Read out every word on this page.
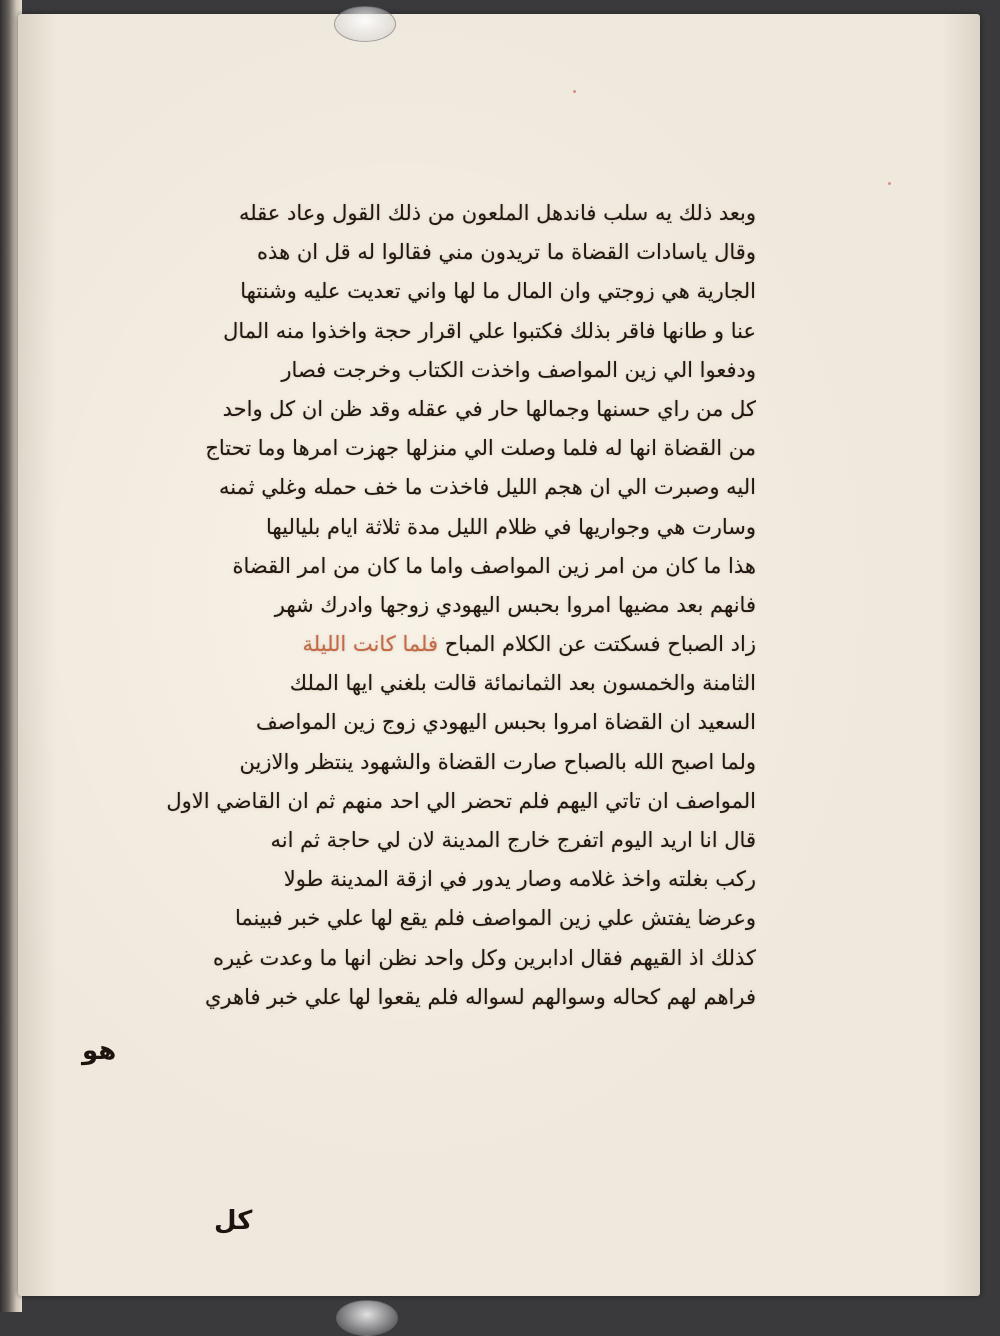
وبعد ذلك يه سلب فاندهل الملعون من ذلك القول وعاد عقله
وقال ياسادات القضاة ما تريدون مني فقالوا له قل ان هذه
الجارية هي زوجتي وان المال ما لها واني تعديت عليه وشنتها
عنا و طانها فاقر بذلك فكتبوا علي اقرار حجة واخذوا منه المال
ودفعوا الي زين المواصف واخذت الكتاب وخرجت فصار
كل من راي حسنها وجمالها حار في عقله وقد ظن ان كل واحد
من القضاة انها له فلما وصلت الي منزلها جهزت امرها وما تحتاج
اليه وصبرت الي ان هجم الليل فاخذت ما خف حمله وغلي ثمنه
وسارت هي وجواريها في ظلام الليل مدة ثلاثة ايام بلياليها
هذا ما كان من امر زين المواصف واما ما كان من امر القضاة
فانهم بعد مضيها امروا بحبس اليهودي زوجها وادرك شهر
زاد الصباح فسكتت عن الكلام المباح فلما كانت الليلة
الثامنة والخمسون بعد الثمانمائة قالت بلغني ايها الملك
السعيد ان القضاة امروا بحبس اليهودي زوج زين المواصف
ولما اصبح الله بالصباح صارت القضاة والشهود ينتظر والازين
المواصف ان تاتي اليهم فلم تحضر الي احد منهم ثم ان القاضي الاول
قال انا اريد اليوم اتفرج خارج المدينة لان لي حاجة ثم انه
ركب بغلته واخذ غلامه وصار يدور في ازقة المدينة طولا
وعرضا يفتش علي زين المواصف فلم يقع لها علي خبر فبينما
كذلك اذ القيهم فقال ادابرين وكل واحد نظن انها ما وعدت غيره
فراهم لهم كحاله وسوالهم لسواله فلم يقعوا لها علي خبر فاهري
هو
كل
